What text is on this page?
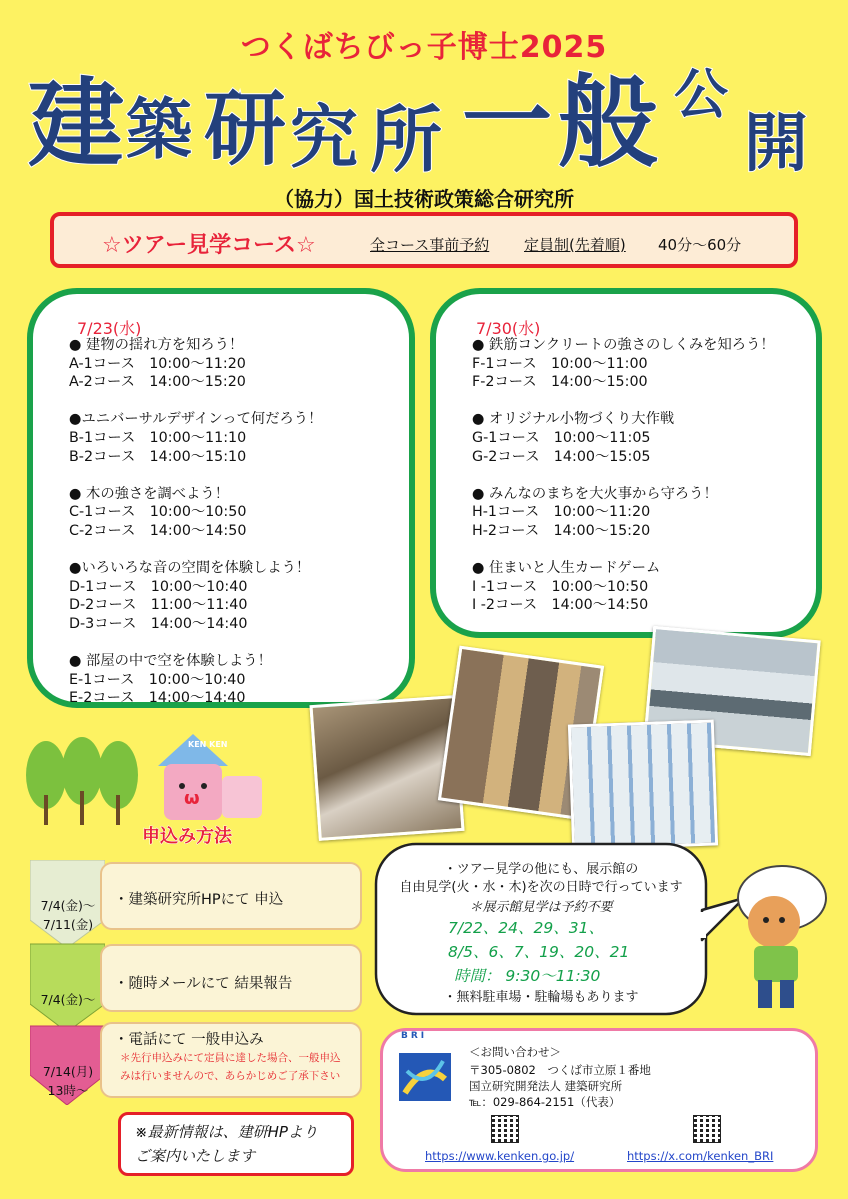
つくばちびっ子博士2025
建 築 研 究 所 一 般 公
開
（協力）国土技術政策総合研究所
☆ツアー見学コース☆	全コース事前予約 定員制(先着順) 40分～60分
7/23(水)
● 建物の揺れ方を知ろう！
A-1コース　10:00～11:20
A-2コース　14:00～15:20
●ユニバーサルデザインって何だろう！
B-1コース　10:00～11:10
B-2コース　14:00～15:10
● 木の強さを調べよう！
C-1コース　10:00～10:50
C-2コース　14:00～14:50
●いろいろな音の空間を体験しよう！
D-1コース　10:00～10:40
D-2コース　11:00～11:40
D-3コース　14:00～14:40
● 部屋の中で空を体験しよう！
E-1コース　10:00～10:40
E-2コース　14:00～14:40
7/30(水)
● 鉄筋コンクリートの強さのしくみを知ろう！
F-1コース　10:00～11:00
F-2コース　14:00～15:00
● オリジナル小物づくり大作戦
G-1コース　10:00～11:05
G-2コース　14:00～15:05
● みんなのまちを大火事から守ろう！
H-1コース　10:00～11:20
H-2コース　14:00～15:20
● 住まいと人生カードゲーム
I -1コース　10:00～10:50
I -2コース　14:00～14:50
KEN KEN
ω
申込み方法
7/4(金)～
7/11(金)
7/4(金)～
7/14(月)
13時～
・建築研究所HPにて 申込
・随時メールにて 結果報告
・電話にて 一般申込み
＊先行申込みにて定員に達した場合、一般申込
みは行いませんので、あらかじめご了承下さい
※最新情報は、建研HPより
ご案内いたします
・ツアー見学の他にも、展示館の
自由見学(火・水・木)を次の日時で行っています
＊展示館見学は予約不要
7/22、24、29、31、
8/5、6、7、19、20、21
時間： 9:30～11:30
・無料駐車場・駐輪場もあります
BRI
＜お問い合わせ＞
〒305-0802　つくば市立原１番地
国立研究開発法人 建築研究所
℡：029-864-2151（代表）
https://www.kenken.go.jp/	https://x.com/kenken_BRI
